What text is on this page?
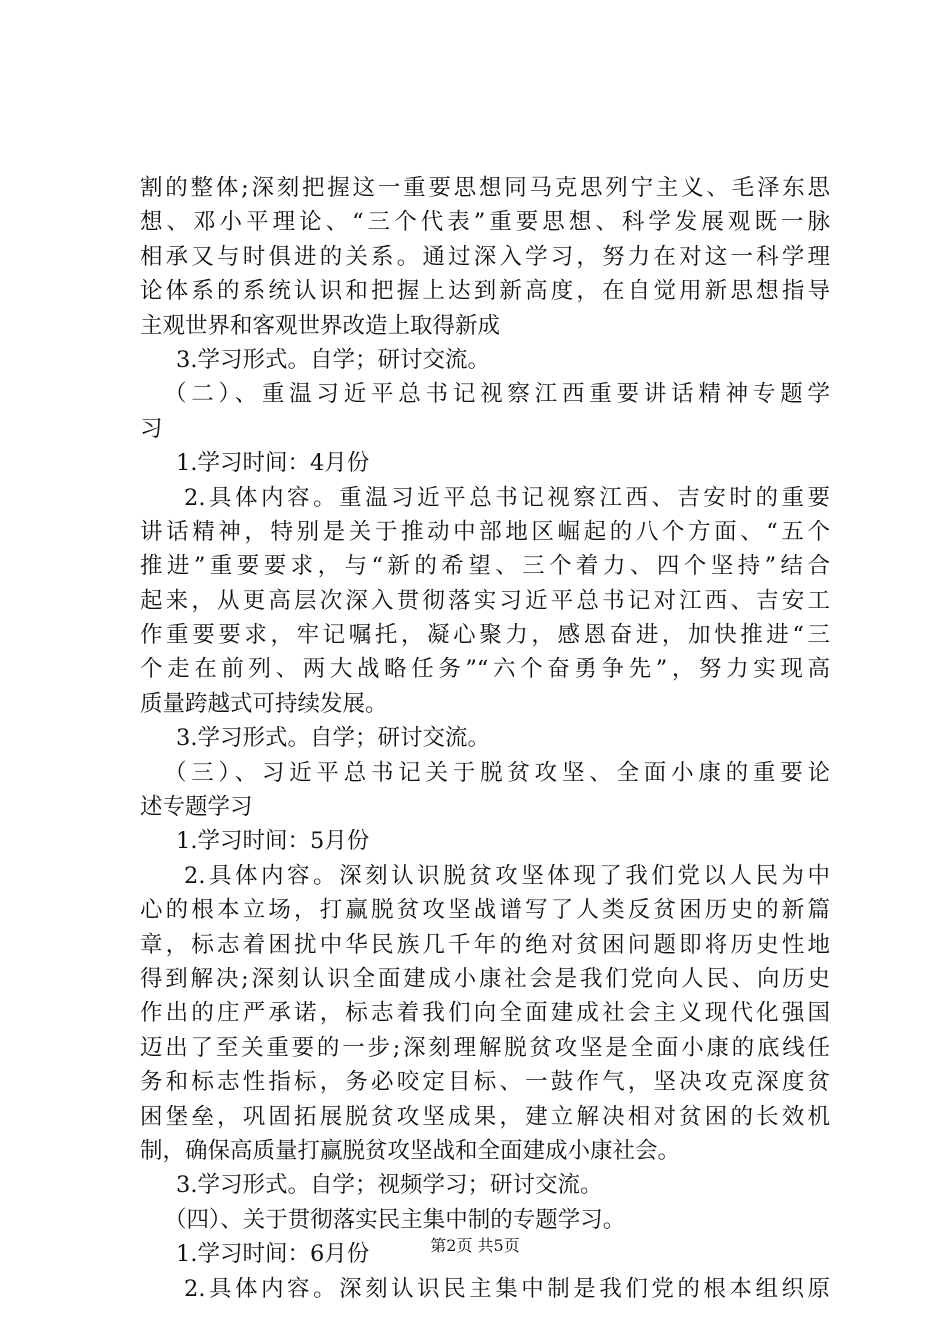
割的整体;深刻把握这一重要思想同马克思列宁主义、毛泽东思
想、邓小平理论、“三个代表”重要思想、科学发展观既一脉
相承又与时俱进的关系。通过深入学习，努力在对这一科学理
论体系的系统认识和把握上达到新高度，在自觉用新思想指导
主观世界和客观世界改造上取得新成
3.学习形式。自学；研讨交流。
（二）、重温习近平总书记视察江西重要讲话精神专题学
习
1.学习时间：4月份
2.具体内容。重温习近平总书记视察江西、吉安时的重要
讲话精神，特别是关于推动中部地区崛起的八个方面、“五个
推进”重要要求，与“新的希望、三个着力、四个坚持”结合
起来，从更高层次深入贯彻落实习近平总书记对江西、吉安工
作重要要求，牢记嘱托，凝心聚力，感恩奋进，加快推进“三
个走在前列、两大战略任务”“六个奋勇争先”，努力实现高
质量跨越式可持续发展。
3.学习形式。自学；研讨交流。
（三）、习近平总书记关于脱贫攻坚、全面小康的重要论
述专题学习
1.学习时间：5月份
2.具体内容。深刻认识脱贫攻坚体现了我们党以人民为中
心的根本立场，打赢脱贫攻坚战谱写了人类反贫困历史的新篇
章，标志着困扰中华民族几千年的绝对贫困问题即将历史性地
得到解决;深刻认识全面建成小康社会是我们党向人民、向历史
作出的庄严承诺，标志着我们向全面建成社会主义现代化强国
迈出了至关重要的一步;深刻理解脱贫攻坚是全面小康的底线任
务和标志性指标，务必咬定目标、一鼓作气，坚决攻克深度贫
困堡垒，巩固拓展脱贫攻坚成果，建立解决相对贫困的长效机
制，确保高质量打赢脱贫攻坚战和全面建成小康社会。
3.学习形式。自学；视频学习；研讨交流。
（四）、关于贯彻落实民主集中制的专题学习。
1.学习时间：6月份
2.具体内容。深刻认识民主集中制是我们党的根本组织原
第2页 共5页
